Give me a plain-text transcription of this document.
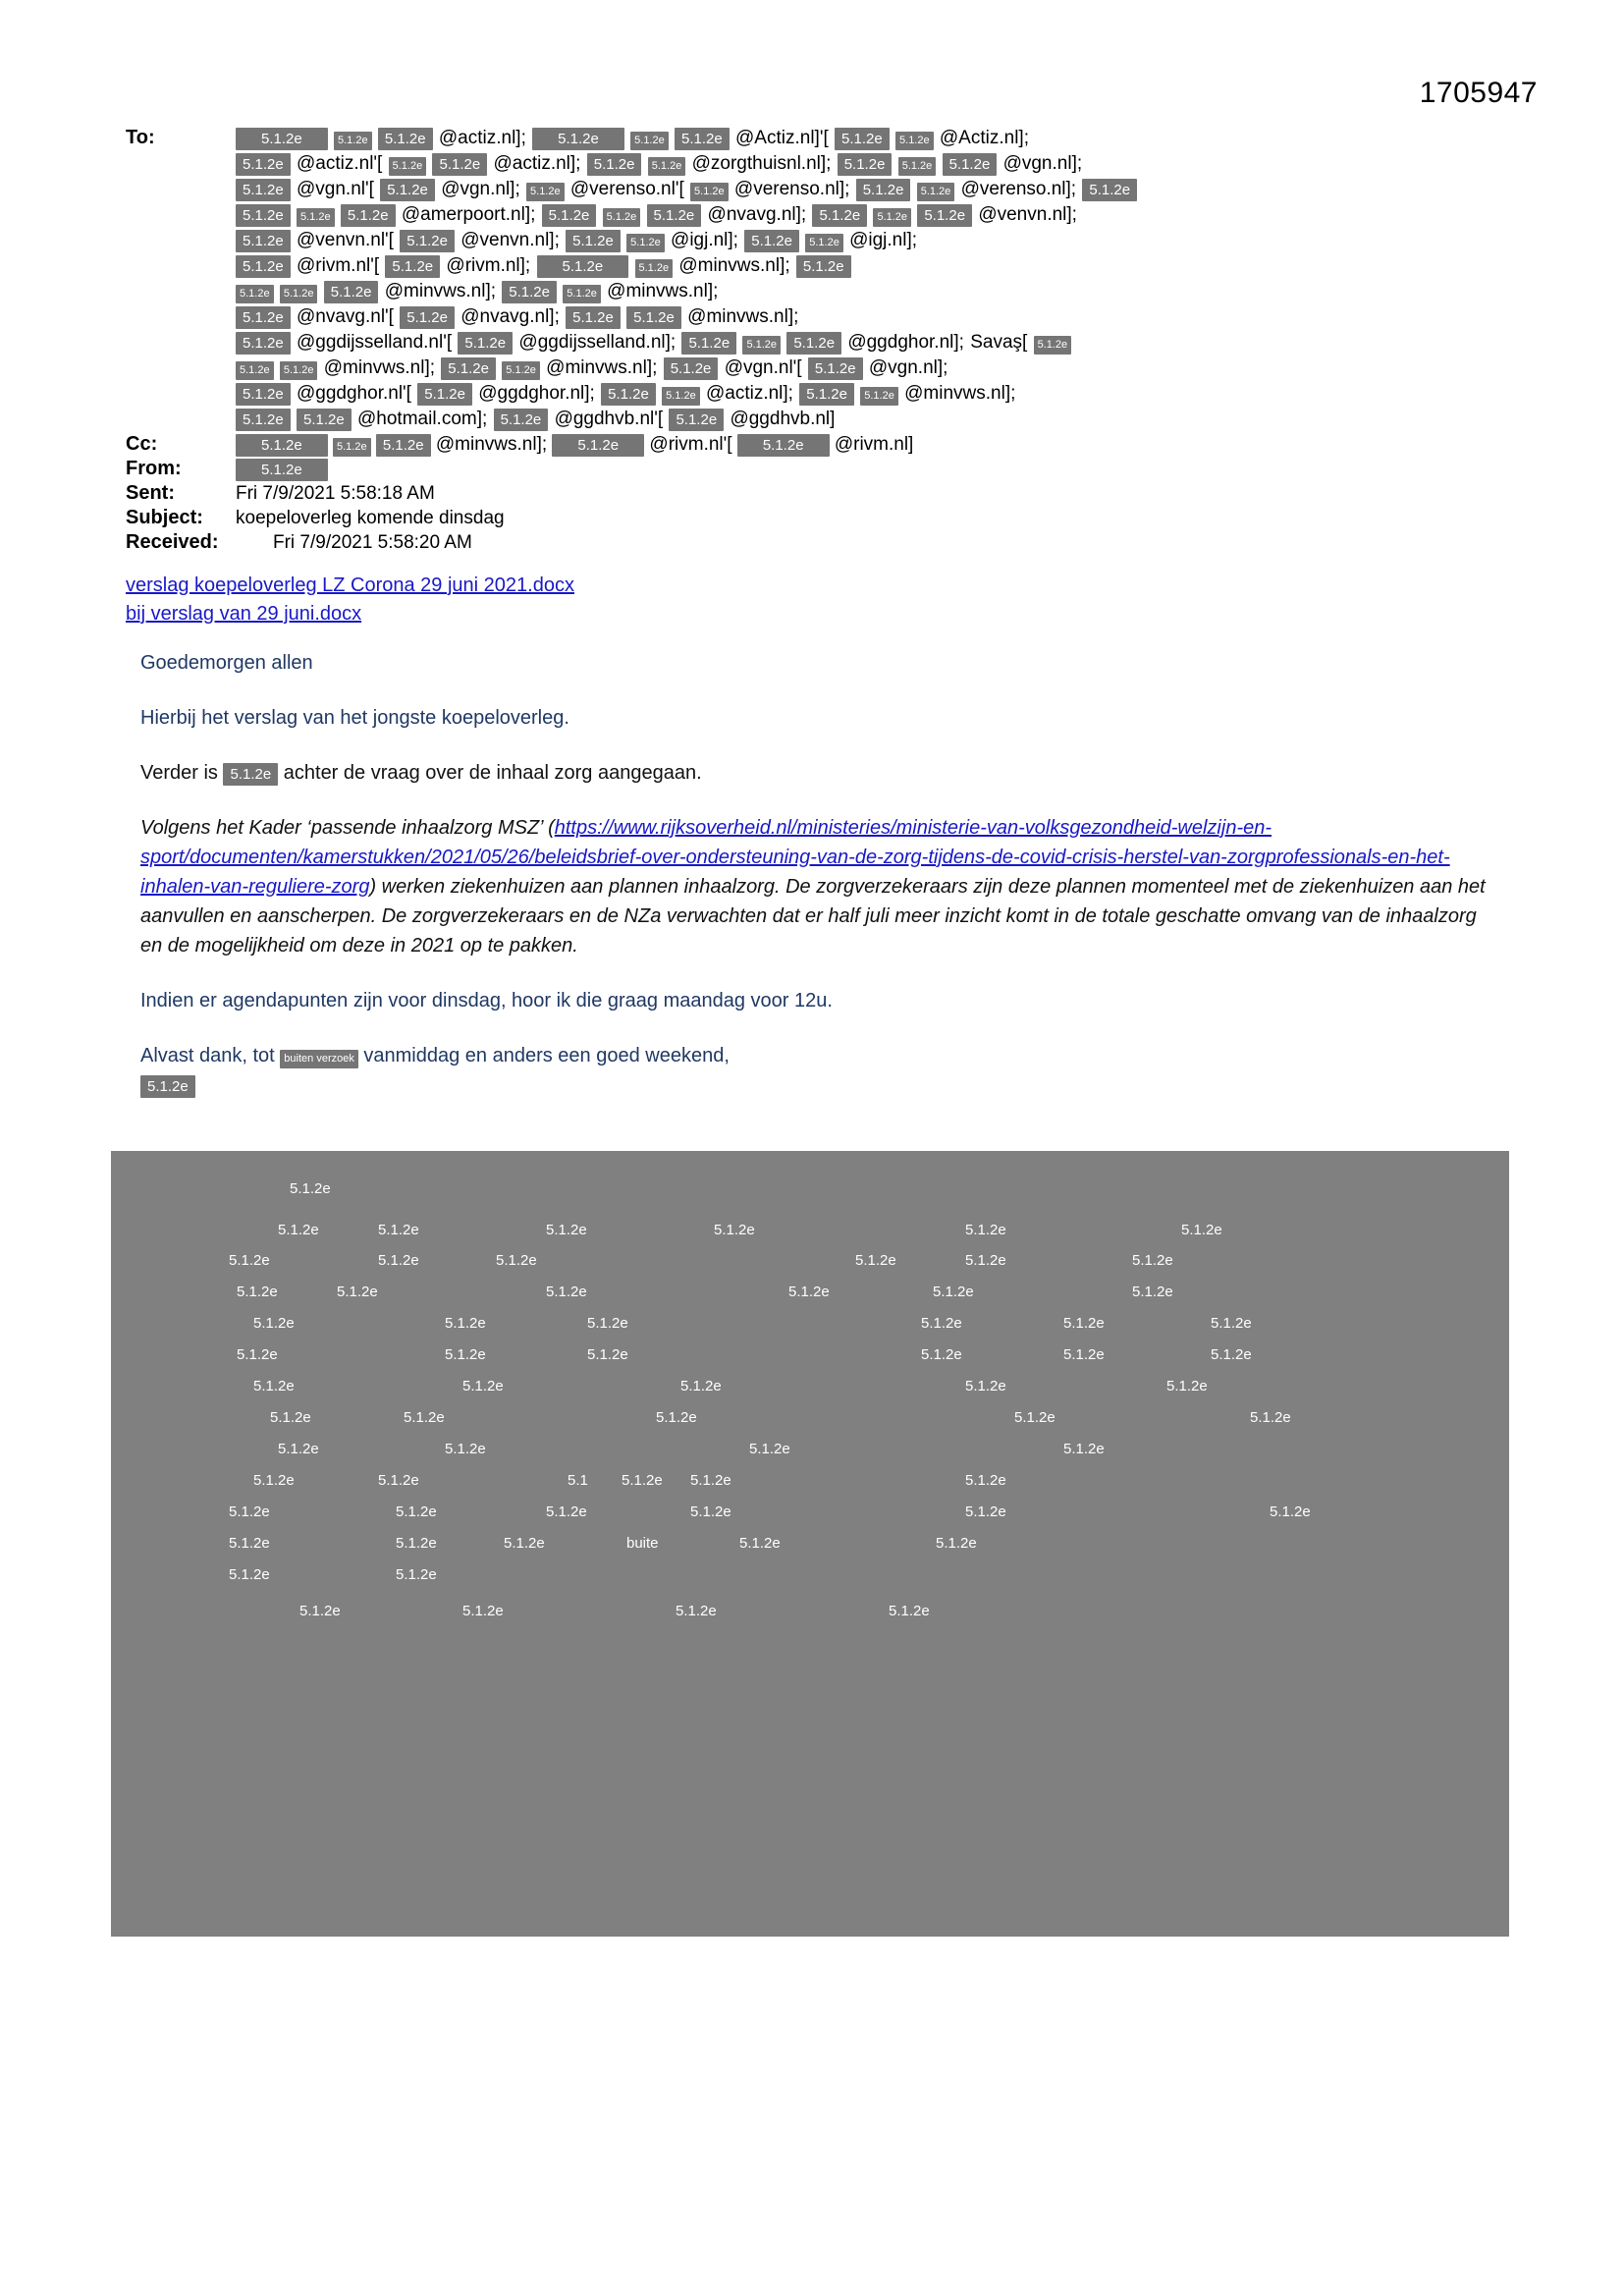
1705947
To:	5.1.2e	5.1.2e 5.1.2e @actiz.nl]; 5.1.2e	5.1.2e 5.1.2e @Actiz.nl]'[ 5.1.2e 5.1.2e @Actiz.nl];
5.1.2e @actiz.nl'[ 5.1.2e 5.1.2e @actiz.nl]; 5.1.2e 5.1.2e @zorgthuisnl.nl]; 5.1.2e 5.1.2e 5.1.2e @vgn.nl];
5.1.2e @vgn.nl'[ 5.1.2e @vgn.nl]; 5.1.2e @verenso.nl'[ 5.1.2e @verenso.nl]; 5.1.2e 5.1.2e @verenso.nl]; 5.1.2e
5.1.2e 5.1.2e 5.1.2e @amerpoort.nl]; 5.1.2e 5.1.2e 5.1.2e @nvavg.nl]; 5.1.2e 5.1.2e 5.1.2e @venvn.nl];
5.1.2e @venvn.nl'[ 5.1.2e @venvn.nl]; 5.1.2e 5.1.2e @igj.nl]; 5.1.2e 5.1.2e @igj.nl];
5.1.2e @rivm.nl'[ 5.1.2e @rivm.nl]; 5.1.2e	5.1.2e @minvws.nl]; 5.1.2e
5.1.2e 5.1.2e 5.1.2e @minvws.nl]; 5.1.2e 5.1.2e @minvws.nl];
5.1.2e @nvavg.nl'[ 5.1.2e @nvavg.nl]; 5.1.2e 5.1.2e @minvws.nl];
5.1.2e @ggdijsselland.nl'[ 5.1.2e @ggdijsselland.nl]; 5.1.2e 5.1.2e 5.1.2e @ggdghor.nl]; Savaş[ 5.1.2e
5.1.2e 5.1.2e @minvws.nl]; 5.1.2e 5.1.2e @minvws.nl]; 5.1.2e @vgn.nl'[ 5.1.2e @vgn.nl];
5.1.2e @ggdghor.nl'[ 5.1.2e @ggdghor.nl]; 5.1.2e 5.1.2e @actiz.nl]; 5.1.2e 5.1.2e @minvws.nl];
5.1.2e 5.1.2e @hotmail.com]; 5.1.2e @ggdhvb.nl'[ 5.1.2e @ggdhvb.nl]
Cc:	5.1.2e	5.1.2e 5.1.2e @minvws.nl]; 5.1.2e @rivm.nl'[ 5.1.2e @rivm.nl]
From:	5.1.2e
Sent:	Fri 7/9/2021 5:58:18 AM
Subject:	koepeloverleg komende dinsdag
Received:	Fri 7/9/2021 5:58:20 AM
verslag koepeloverleg LZ Corona 29 juni 2021.docx
bij verslag van 29 juni.docx

Goedemorgen allen

Hierbij het verslag van het jongste koepeloverleg.

Verder is 5.1.2e achter de vraag over de inhaal zorg aangegaan.

Volgens het Kader ‘passende inhaalzorg MSZ’ (https://www.rijksoverheid.nl/ministeries/ministerie-van-volksgezondheid-welzijn-en-sport/documenten/kamerstukken/2021/05/26/beleidsbrief-over-ondersteuning-van-de-zorg-tijdens-de-covid-crisis-herstel-van-zorgprofessionals-en-het-inhalen-van-reguliere-zorg) werken ziekenhuizen aan plannen inhaalzorg. De zorgverzekeraars zijn deze plannen momenteel met de ziekenhuizen aan het aanvullen en aanscherpen. De zorgverzekeraars en de NZa verwachten dat er half juli meer inzicht komt in de totale geschatte omvang van de inhaalzorg en de mogelijkheid om deze in 2021 op te pakken.

Indien er agendapunten zijn voor dinsdag, hoor ik die graag maandag voor 12u.

Alvast dank, tot buiten verzoek vanmiddag en anders een goed weekend,
5.1.2e

5.1.2e
5.1.2e	5.1.2e	5.1.2e	5.1.2e	5.1.2e	5.1.2e
5.1.2e	5.1.2e	5.1.2e	5.1.2e	5.1.2e	5.1.2e
5.1.2e	5.1.2e	5.1.2e	5.1.2e	5.1.2e	5.1.2e
5.1.2e	5.1.2e	5.1.2e	5.1.2e	5.1.2e	5.1.2e
5.1.2e	5.1.2e	5.1.2e	5.1.2e	5.1.2e	5.1.2e
5.1.2e	5.1.2e	5.1.2e	5.1.2e	5.1.2e
5.1.2e	5.1.2e	5.1.2e	5.1.2e	5.1.2e
5.1.2e	5.1.2e	5.1.2e	5.1.2e
5.1.2e	5.1.2e	5.1 5.1.2e 5.1.2e	5.1.2e
5.1.2e	5.1.2e	5.1.2e	5.1.2e	5.1.2e	5.1.2e
5.1.2e	5.1.2e	5.1.2e	buite	5.1.2e	5.1.2e
5.1.2e	5.1.2e
5.1.2e	5.1.2e	5.1.2e	5.1.2e
